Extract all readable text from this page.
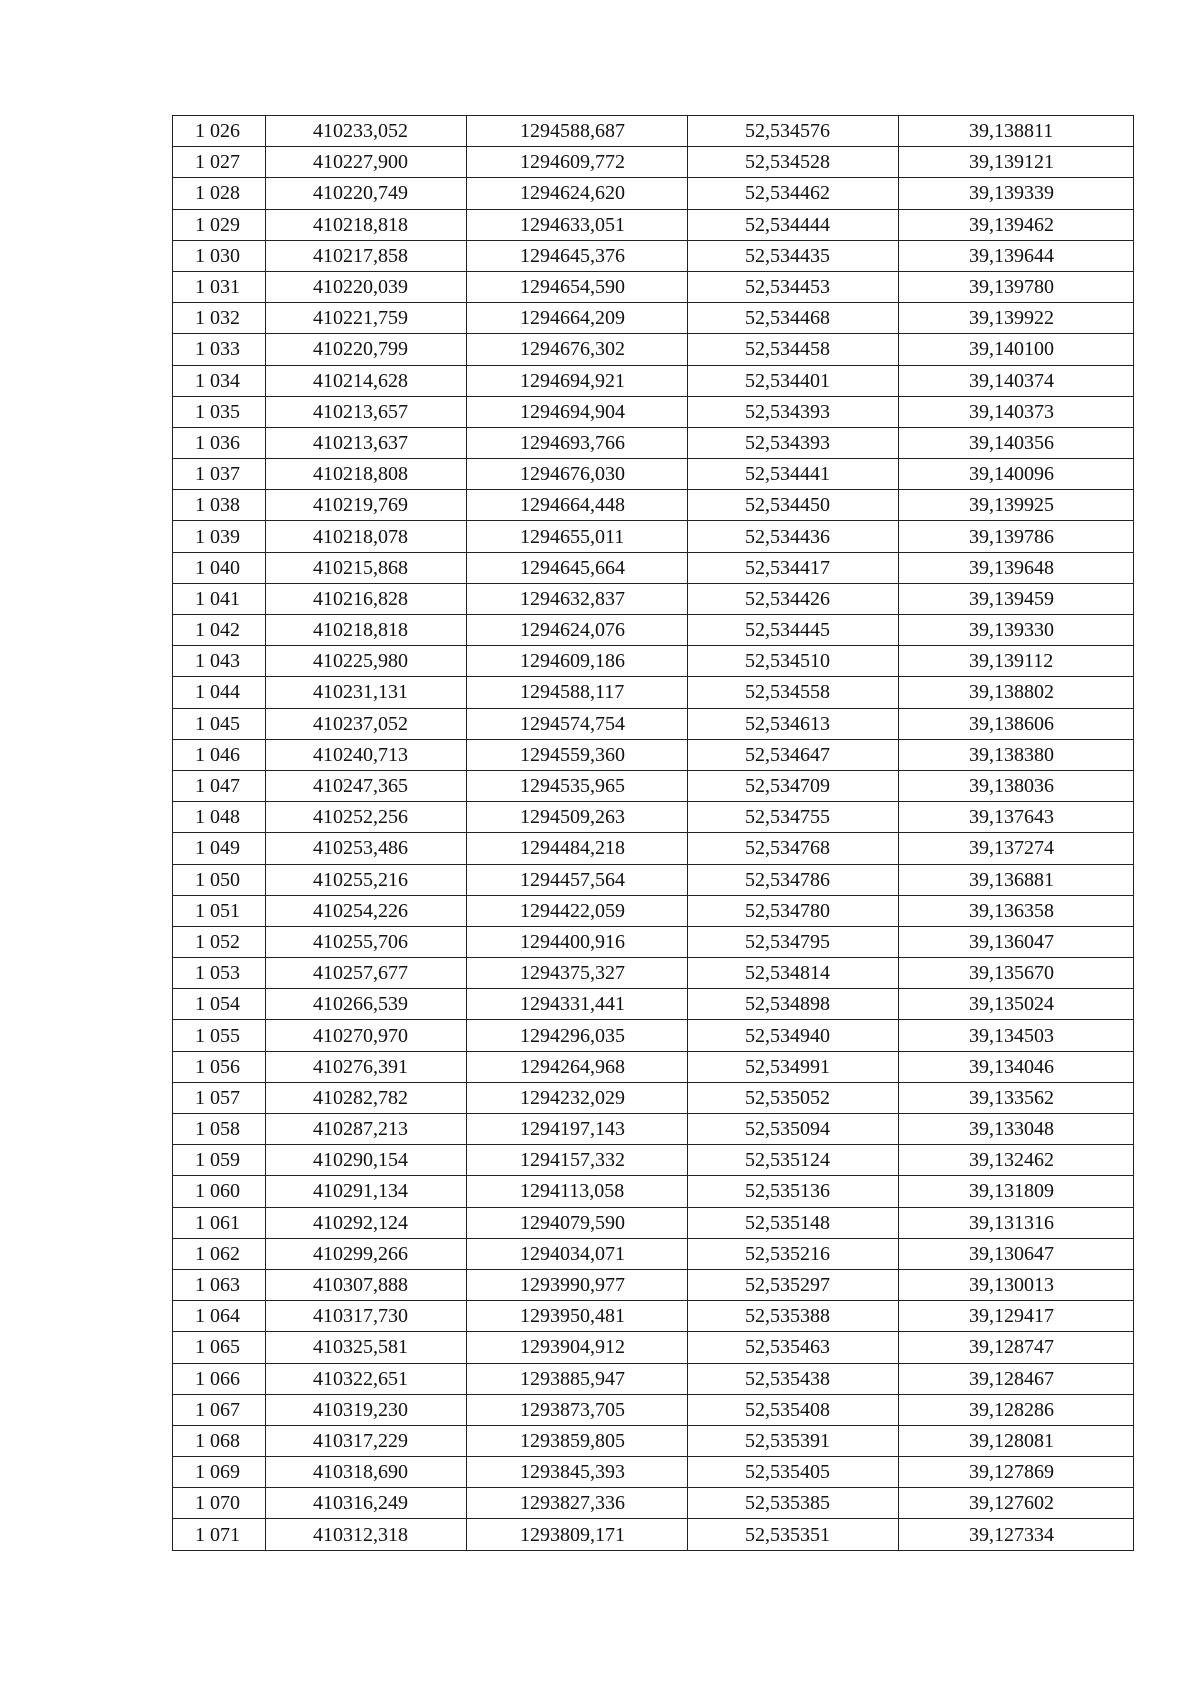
1 026	410233,052	1294588,687	52,534576	39,138811
1 027	410227,900	1294609,772	52,534528	39,139121
1 028	410220,749	1294624,620	52,534462	39,139339
1 029	410218,818	1294633,051	52,534444	39,139462
1 030	410217,858	1294645,376	52,534435	39,139644
1 031	410220,039	1294654,590	52,534453	39,139780
1 032	410221,759	1294664,209	52,534468	39,139922
1 033	410220,799	1294676,302	52,534458	39,140100
1 034	410214,628	1294694,921	52,534401	39,140374
1 035	410213,657	1294694,904	52,534393	39,140373
1 036	410213,637	1294693,766	52,534393	39,140356
1 037	410218,808	1294676,030	52,534441	39,140096
1 038	410219,769	1294664,448	52,534450	39,139925
1 039	410218,078	1294655,011	52,534436	39,139786
1 040	410215,868	1294645,664	52,534417	39,139648
1 041	410216,828	1294632,837	52,534426	39,139459
1 042	410218,818	1294624,076	52,534445	39,139330
1 043	410225,980	1294609,186	52,534510	39,139112
1 044	410231,131	1294588,117	52,534558	39,138802
1 045	410237,052	1294574,754	52,534613	39,138606
1 046	410240,713	1294559,360	52,534647	39,138380
1 047	410247,365	1294535,965	52,534709	39,138036
1 048	410252,256	1294509,263	52,534755	39,137643
1 049	410253,486	1294484,218	52,534768	39,137274
1 050	410255,216	1294457,564	52,534786	39,136881
1 051	410254,226	1294422,059	52,534780	39,136358
1 052	410255,706	1294400,916	52,534795	39,136047
1 053	410257,677	1294375,327	52,534814	39,135670
1 054	410266,539	1294331,441	52,534898	39,135024
1 055	410270,970	1294296,035	52,534940	39,134503
1 056	410276,391	1294264,968	52,534991	39,134046
1 057	410282,782	1294232,029	52,535052	39,133562
1 058	410287,213	1294197,143	52,535094	39,133048
1 059	410290,154	1294157,332	52,535124	39,132462
1 060	410291,134	1294113,058	52,535136	39,131809
1 061	410292,124	1294079,590	52,535148	39,131316
1 062	410299,266	1294034,071	52,535216	39,130647
1 063	410307,888	1293990,977	52,535297	39,130013
1 064	410317,730	1293950,481	52,535388	39,129417
1 065	410325,581	1293904,912	52,535463	39,128747
1 066	410322,651	1293885,947	52,535438	39,128467
1 067	410319,230	1293873,705	52,535408	39,128286
1 068	410317,229	1293859,805	52,535391	39,128081
1 069	410318,690	1293845,393	52,535405	39,127869
1 070	410316,249	1293827,336	52,535385	39,127602
1 071	410312,318	1293809,171	52,535351	39,127334
